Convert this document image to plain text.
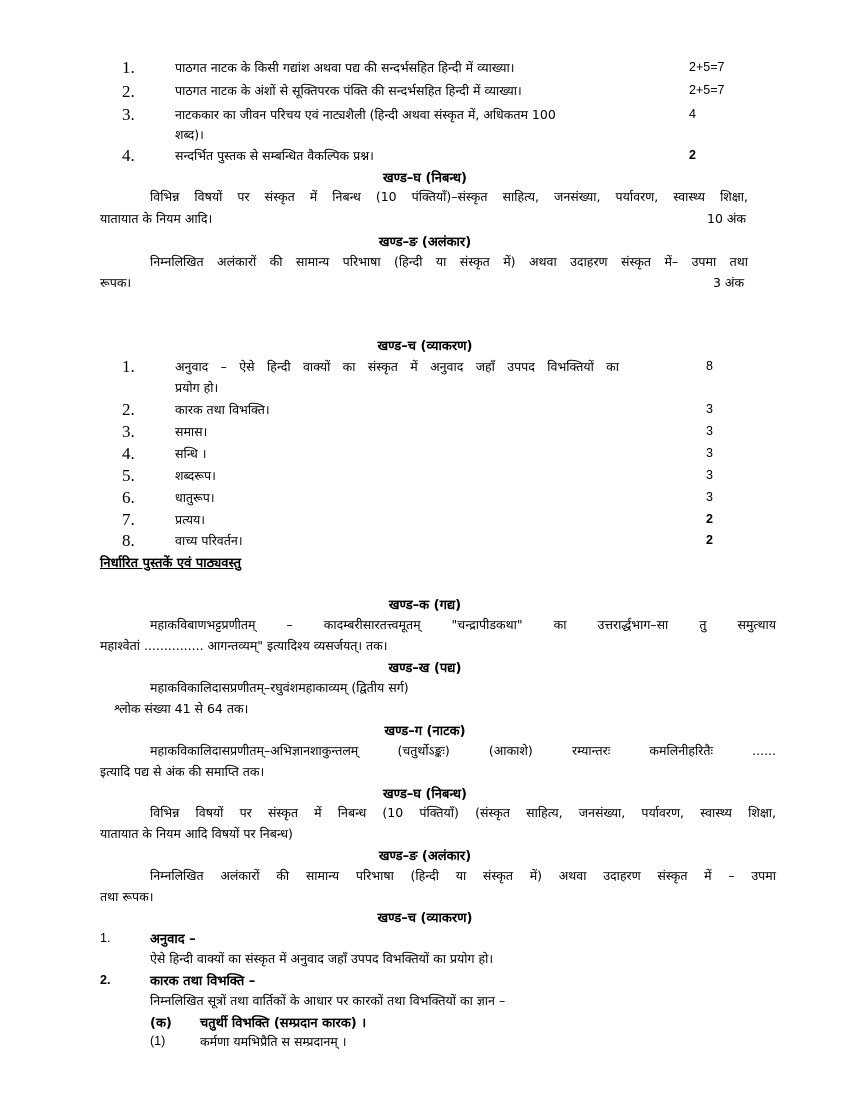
1.	पाठगत नाटक के किसी गद्यांश अथवा पद्य की सन्दर्भसहित हिन्दी में व्याख्या।	2+5=7
2.	पाठगत नाटक के अंशों से सूक्तिपरक पंक्ति की सन्दर्भसहित हिन्दी में व्याख्या।	2+5=7
3.	नाटककार का जीवन परिचय एवं नाट्यशैली (हिन्दी अथवा संस्कृत में, अधिकतम 100	4
शब्द)।
4.	सन्दर्भित पुस्तक से सम्बन्धित वैकल्पिक प्रश्न।	2
खण्ड–घ (निबन्ध)
विभिन्न विषयों पर संस्कृत में निबन्ध (10 पंक्तियाँ)–संस्कृत साहित्य, जनसंख्या, पर्यावरण, स्वास्थ्य शिक्षा,
यातायात के नियम आदि।	10 अंक
खण्ड–ङ (अलंकार)
निम्नलिखित अलंकारों की सामान्य परिभाषा (हिन्दी या संस्कृत में) अथवा उदाहरण संस्कृत में– उपमा तथा
रूपक।	3 अंक
खण्ड–च (व्याकरण)
1.	अनुवाद – ऐसे हिन्दी वाक्यों का संस्कृत में अनुवाद जहाँ उपपद विभक्तियों का	8
प्रयोग हो।
2.	कारक तथा विभक्ति।	3
3.	समास।	3
4.	सन्धि ।	3
5.	शब्दरूप।	3
6.	धातुरूप।	3
7.	प्रत्यय।	2
8.	वाच्य परिवर्तन।	2
निर्धारित पुस्तकें एवं पाठ्यवस्तु
खण्ड–क (गद्य)
महाकविबाणभट्टप्रणीतम् – कादम्बरीसारतत्त्वमूतम् "चन्द्रापीडकथा" का उत्तरार्द्धभाग–सा तु समुत्थाय
महाश्वेतां ............... आगन्तव्यम्" इत्यादिश्य व्यसर्जयत्। तक।
खण्ड–ख (पद्य)
महाकविकालिदासप्रणीतम्–रघुवंशमहाकाव्यम् (द्वितीय सर्ग)
श्लोक संख्या 41 से 64 तक।
खण्ड–ग (नाटक)
महाकविकालिदासप्रणीतम्–अभिज्ञानशाकुन्तलम् (चतुर्थोऽङ्कः) (आकाशे) रम्यान्तरः कमलिनीहरितैः ......
इत्यादि पद्य से अंक की समाप्ति तक।
खण्ड–घ (निबन्ध)
विभिन्न विषयों पर संस्कृत में निबन्ध (10 पंक्तियाँ) (संस्कृत साहित्य, जनसंख्या, पर्यावरण, स्वास्थ्य शिक्षा,
यातायात के नियम आदि विषयों पर निबन्ध)
खण्ड–ङ (अलंकार)
निम्नलिखित अलंकारों की सामान्य परिभाषा (हिन्दी या संस्कृत में) अथवा उदाहरण संस्कृत में – उपमा
तथा रूपक।
खण्ड–च (व्याकरण)
1.	अनुवाद –
ऐसे हिन्दी वाक्यों का संस्कृत में अनुवाद जहाँ उपपद विभक्तियों का प्रयोग हो।
2.	कारक तथा विभक्ति –
निम्नलिखित सूत्रों तथा वार्तिकों के आधार पर कारकों तथा विभक्तियों का ज्ञान –
(क) चतुर्थी विभक्ति (सम्प्रदान कारक) ।
(1)	कर्मणा यमभिप्रैति स सम्प्रदानम् ।
